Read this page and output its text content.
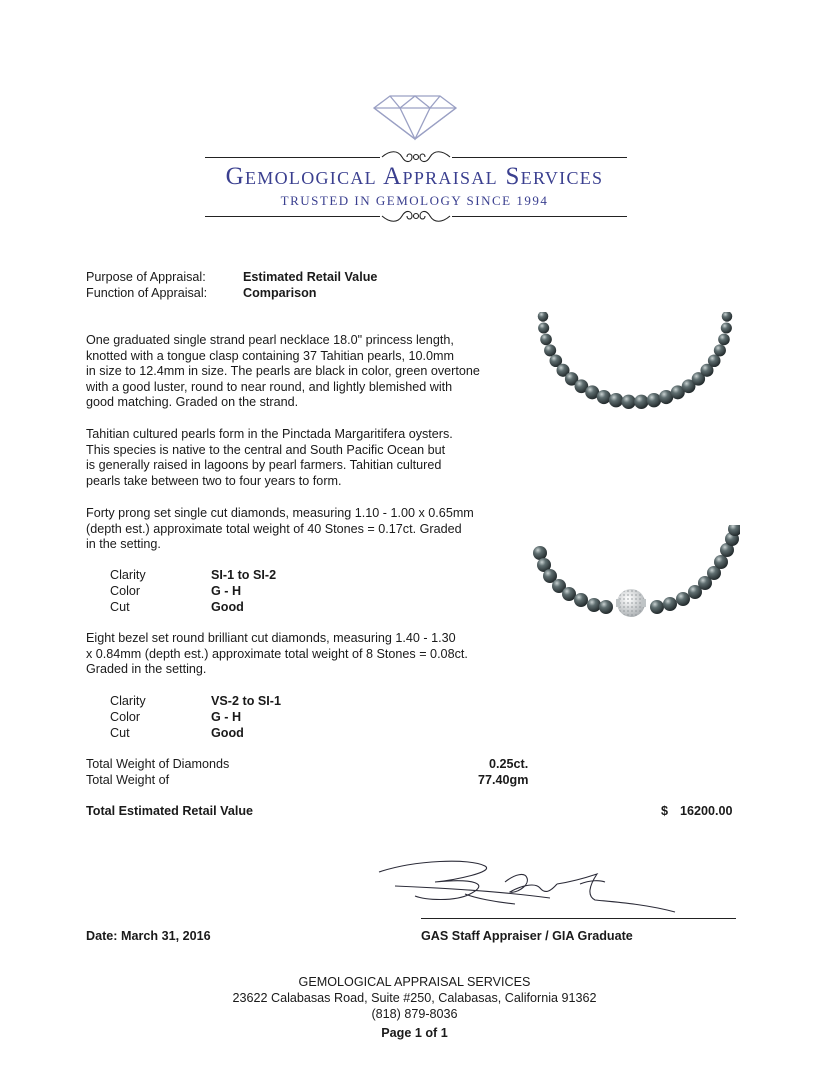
Gemological Appraisal Services
TRUSTED IN GEMOLOGY SINCE 1994
Purpose of Appraisal:	Estimated Retail Value
Function of Appraisal:	Comparison
One graduated single strand pearl necklace 18.0" princess length,
knotted with a tongue clasp containing 37 Tahitian pearls, 10.0mm
in size to 12.4mm in size. The pearls are black in color, green overtone
with a good luster, round to near round, and lightly blemished with
good matching. Graded on the strand.
Tahitian cultured pearls form in the Pinctada Margaritifera oysters.
This species is native to the central and South Pacific Ocean but
is generally raised in lagoons by pearl farmers. Tahitian cultured
pearls take between two to four years to form.
Forty prong set single cut diamonds, measuring 1.10 - 1.00 x 0.65mm
(depth est.) approximate total weight of 40 Stones = 0.17ct. Graded
in the setting.
Clarity	SI-1 to SI-2
Color	G - H
Cut	Good
Eight bezel set round brilliant cut diamonds, measuring 1.40 - 1.30
x 0.84mm (depth est.) approximate total weight of 8 Stones = 0.08ct.
Graded in the setting.
Clarity	VS-2 to SI-1
Color	G - H
Cut	Good
Total Weight of Diamonds	0.25ct.
Total Weight of	77.40gm
Total Estimated Retail Value	$ 16200.00
Date: March 31, 2016	GAS Staff Appraiser / GIA Graduate
GEMOLOGICAL APPRAISAL SERVICES
23622 Calabasas Road, Suite #250, Calabasas, California 91362
(818) 879-8036
Page 1 of 1
